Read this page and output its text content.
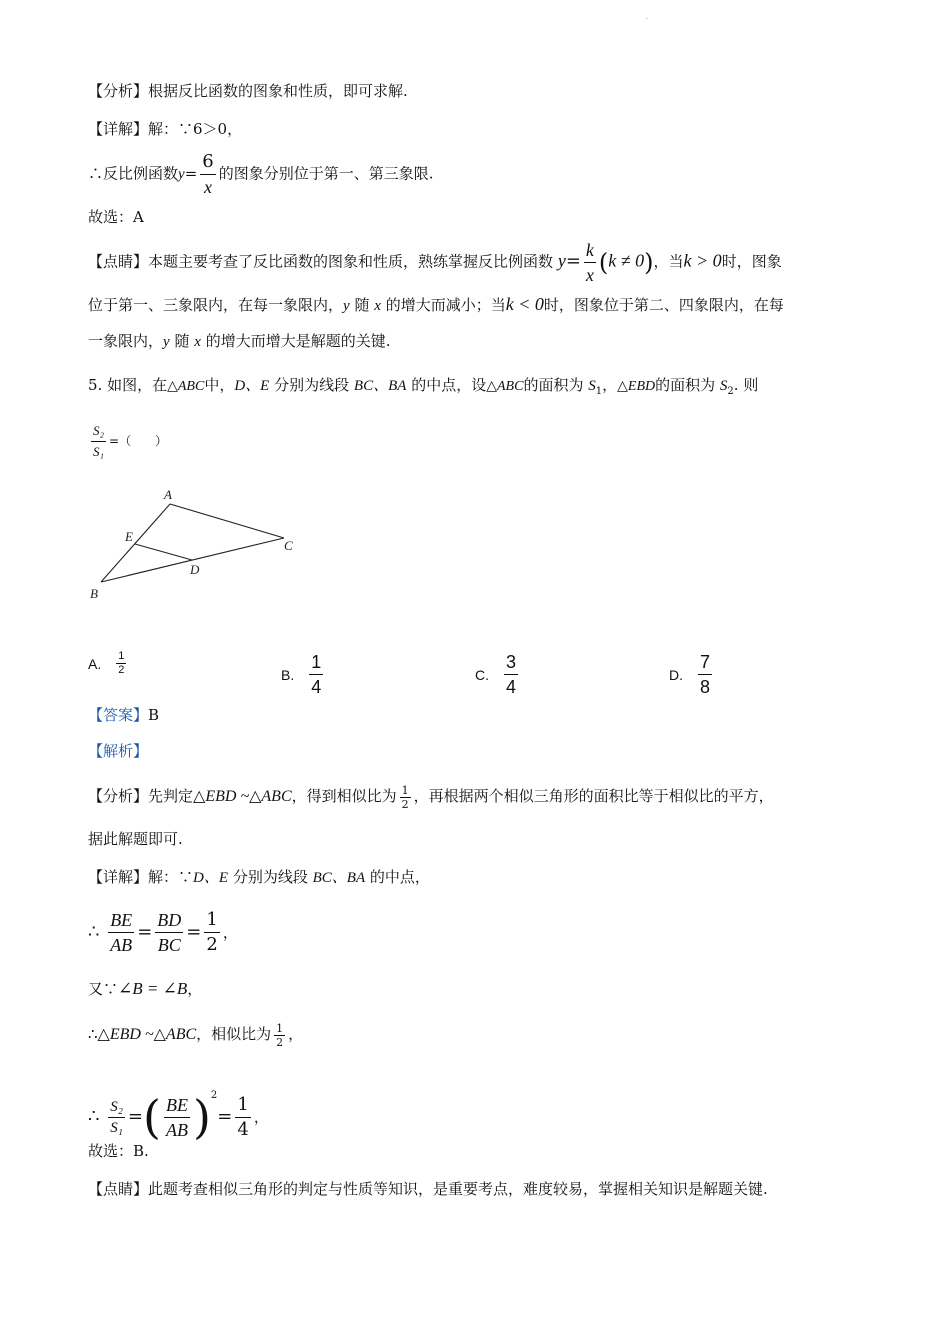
.
【分析】根据反比函数的图象和性质，即可求解.
【详解】解：∵6＞0，
∴反比例函数$y= \frac{6}{x}$ 的图象分别位于第一、第三象限.
故选：A
【点睛】本题主要考查了反比函数的图象和性质，熟练掌握反比例函数 $y= \frac{k}{x} (k \ne 0)$，当k > 0时，图象
位于第一、三象限内，在每一象限内，y 随 x 的增大而减小；当k < 0时，图象位于第二、四象限内，在每
一象限内，y 随 x 的增大而增大是解题的关键.
5. 如图，在△ABC中，D、E 分别为线段 BC、BA 的中点，设△ABC的面积为 $S_1$，△EBD的面积为 $S_2$. 则
$\frac{\text{S₂}}{\text{S₁}}$ =（　　）
A
B
C
D
E
A. $\frac{1}{2}$	B. $\frac{1}{4}$	C. $\frac{3}{4}$	D. $\frac{7}{8}$
【答案】B
【解析】
【分析】先判定△EBD ~△ABC，得到相似比为 $\frac{1}{2}$ ，再根据两个相似三角形的面积比等于相似比的平方，
据此解题即可.
【详解】解：∵D、E 分别为线段 BC、BA 的中点，
∴ $\frac{BE}{AB} = \frac{BD}{BC} = \frac{1}{2}$ ，
又∵∠B = ∠B，
∴△EBD ~△ABC，相似比为 $\frac{1}{2}$ ，
∴ $\frac{\text{S₂}}{\text{S₁}}$ =( $\frac{BE}{AB} )^2= \frac{1}{4}$ ，
故选：B.
【点睛】此题考查相似三角形的判定与性质等知识，是重要考点，难度较易，掌握相关知识是解题关键.
